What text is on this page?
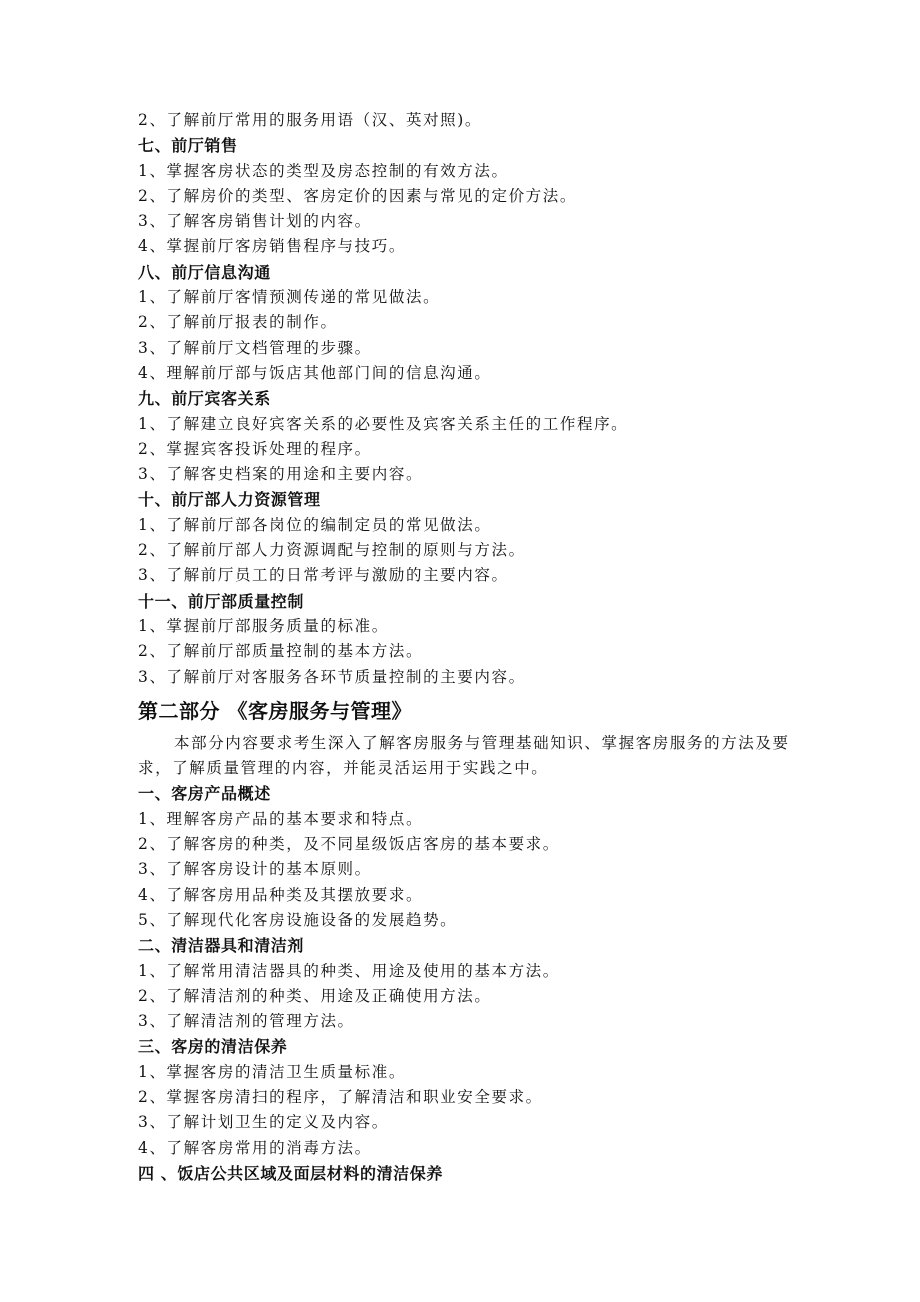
2、了解前厅常用的服务用语（汉、英对照)。
七、前厅销售
1、掌握客房状态的类型及房态控制的有效方法。
2、了解房价的类型、客房定价的因素与常见的定价方法。
3、了解客房销售计划的内容。
4、掌握前厅客房销售程序与技巧。
八、前厅信息沟通
1、了解前厅客情预测传递的常见做法。
2、了解前厅报表的制作。
3、了解前厅文档管理的步骤。
4、理解前厅部与饭店其他部门间的信息沟通。
九、前厅宾客关系
1、了解建立良好宾客关系的必要性及宾客关系主任的工作程序。
2、掌握宾客投诉处理的程序。
3、了解客史档案的用途和主要内容。
十、前厅部人力资源管理
1、了解前厅部各岗位的编制定员的常见做法。
2、了解前厅部人力资源调配与控制的原则与方法。
3、了解前厅员工的日常考评与激励的主要内容。
十一、前厅部质量控制
1、掌握前厅部服务质量的标准。
2、了解前厅部质量控制的基本方法。
3、了解前厅对客服务各环节质量控制的主要内容。
第二部分 《客房服务与管理》
本部分内容要求考生深入了解客房服务与管理基础知识、掌握客房服务的方法及要求，了解质量管理的内容，并能灵活运用于实践之中。
一、客房产品概述
1、理解客房产品的基本要求和特点。
2、了解客房的种类，及不同星级饭店客房的基本要求。
3、了解客房设计的基本原则。
4、了解客房用品种类及其摆放要求。
5、了解现代化客房设施设备的发展趋势。
二、清洁器具和清洁剂
1、了解常用清洁器具的种类、用途及使用的基本方法。
2、了解清洁剂的种类、用途及正确使用方法。
3、了解清洁剂的管理方法。
三、客房的清洁保养
1、掌握客房的清洁卫生质量标准。
2、掌握客房清扫的程序，了解清洁和职业安全要求。
3、了解计划卫生的定义及内容。
4、了解客房常用的消毒方法。
四 、饭店公共区域及面层材料的清洁保养
